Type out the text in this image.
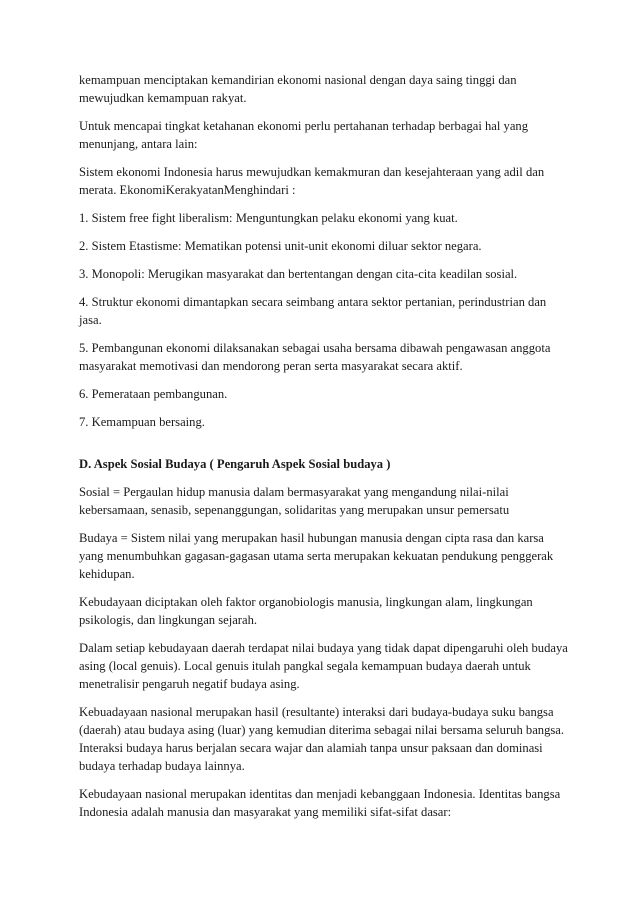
kemampuan menciptakan kemandirian ekonomi nasional dengan daya saing tinggi dan mewujudkan kemampuan rakyat.

Untuk mencapai tingkat ketahanan ekonomi perlu pertahanan terhadap berbagai hal yang menunjang, antara lain:

Sistem ekonomi Indonesia harus mewujudkan kemakmuran dan kesejahteraan yang adil dan merata. EkonomiKerakyatanMenghindari :

1. Sistem free fight liberalism: Menguntungkan pelaku ekonomi yang kuat.

2. Sistem Etastisme: Mematikan potensi unit-unit ekonomi diluar sektor negara.

3. Monopoli: Merugikan masyarakat dan bertentangan dengan cita-cita keadilan sosial.

4. Struktur ekonomi dimantapkan secara seimbang antara sektor pertanian, perindustrian dan jasa.

5. Pembangunan ekonomi dilaksanakan sebagai usaha bersama dibawah pengawasan anggota masyarakat memotivasi dan mendorong peran serta masyarakat secara aktif.

6. Pemerataan pembangunan.

7. Kemampuan bersaing.

D. Aspek Sosial Budaya ( Pengaruh Aspek Sosial budaya )

Sosial = Pergaulan hidup manusia dalam bermasyarakat yang mengandung nilai-nilai kebersamaan, senasib, sepenanggungan, solidaritas yang merupakan unsur pemersatu

Budaya = Sistem nilai yang merupakan hasil hubungan manusia dengan cipta rasa dan karsa yang menumbuhkan gagasan-gagasan utama serta merupakan kekuatan pendukung penggerak kehidupan.

Kebudayaan diciptakan oleh faktor organobiologis manusia, lingkungan alam, lingkungan psikologis, dan lingkungan sejarah.

Dalam setiap kebudayaan daerah terdapat nilai budaya yang tidak dapat dipengaruhi oleh budaya asing (local genuis). Local genuis itulah pangkal segala kemampuan budaya daerah untuk menetralisir pengaruh negatif budaya asing.

Kebuadayaan nasional merupakan hasil (resultante) interaksi dari budaya-budaya suku bangsa (daerah) atau budaya asing (luar) yang kemudian diterima sebagai nilai bersama seluruh bangsa. Interaksi budaya harus berjalan secara wajar dan alamiah tanpa unsur paksaan dan dominasi budaya terhadap budaya lainnya.

Kebudayaan nasional merupakan identitas dan menjadi kebanggaan Indonesia. Identitas bangsa Indonesia adalah manusia dan masyarakat yang memiliki sifat-sifat dasar:
